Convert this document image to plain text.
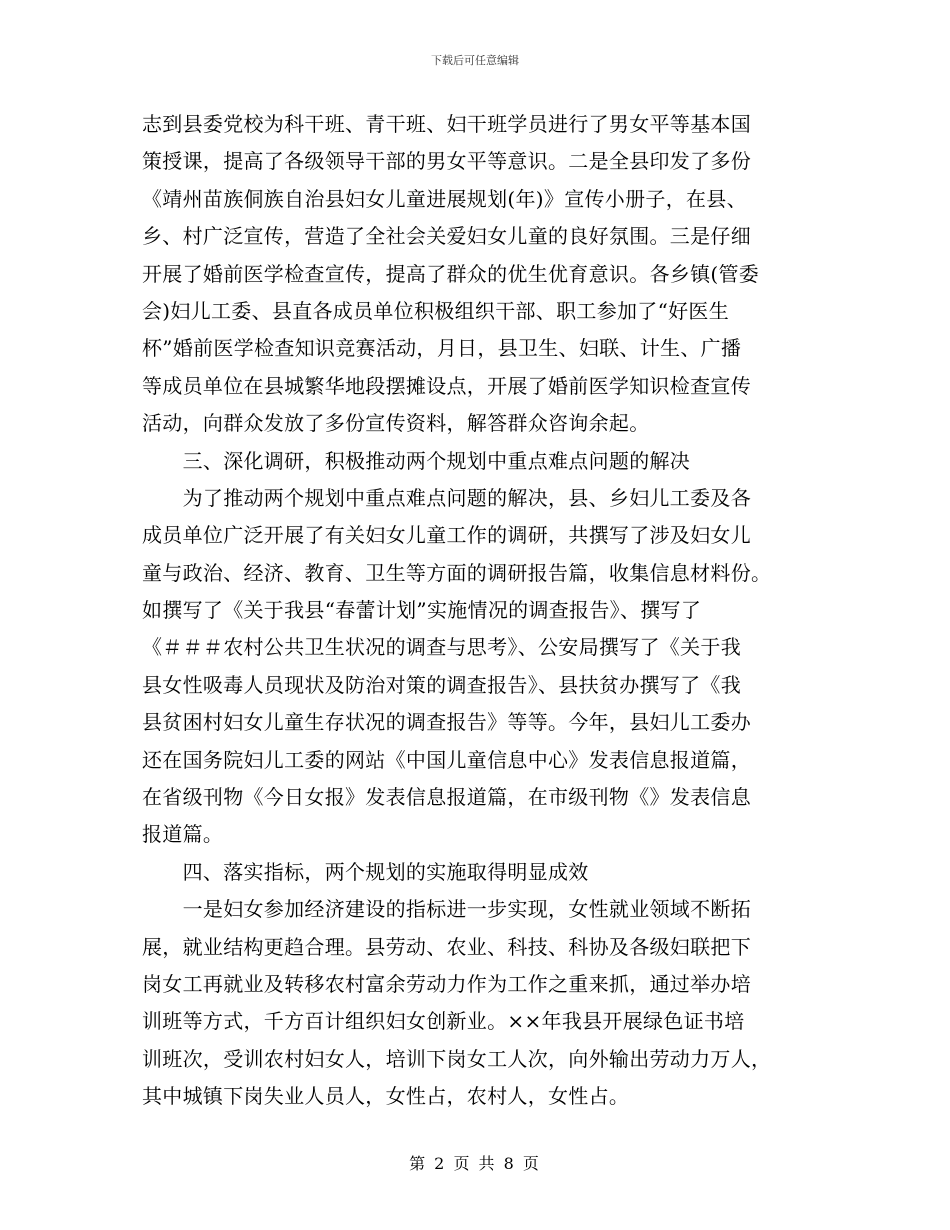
下载后可任意编辑
志到县委党校为科干班、青干班、妇干班学员进行了男女平等基本国
策授课，提高了各级领导干部的男女平等意识。二是全县印发了多份
《靖州苗族侗族自治县妇女儿童进展规划(年)》宣传小册子，在县、
乡、村广泛宣传，营造了全社会关爱妇女儿童的良好氛围。三是仔细
开展了婚前医学检查宣传，提高了群众的优生优育意识。各乡镇(管委
会)妇儿工委、县直各成员单位积极组织干部、职工参加了“好医生
杯”婚前医学检查知识竞赛活动，月日，县卫生、妇联、计生、广播
等成员单位在县城繁华地段摆摊设点，开展了婚前医学知识检查宣传
活动，向群众发放了多份宣传资料，解答群众咨询余起。
　　三、深化调研，积极推动两个规划中重点难点问题的解决
　　为了推动两个规划中重点难点问题的解决，县、乡妇儿工委及各
成员单位广泛开展了有关妇女儿童工作的调研，共撰写了涉及妇女儿
童与政治、经济、教育、卫生等方面的调研报告篇，收集信息材料份。
如撰写了《关于我县“春蕾计划”实施情况的调查报告》、撰写了
《＃＃＃农村公共卫生状况的调查与思考》、公安局撰写了《关于我
县女性吸毒人员现状及防治对策的调查报告》、县扶贫办撰写了《我
县贫困村妇女儿童生存状况的调查报告》等等。今年，县妇儿工委办
还在国务院妇儿工委的网站《中国儿童信息中心》发表信息报道篇，
在省级刊物《今日女报》发表信息报道篇，在市级刊物《》发表信息
报道篇。
　　四、落实指标，两个规划的实施取得明显成效
　　一是妇女参加经济建设的指标进一步实现，女性就业领域不断拓
展，就业结构更趋合理。县劳动、农业、科技、科协及各级妇联把下
岗女工再就业及转移农村富余劳动力作为工作之重来抓，通过举办培
训班等方式，千方百计组织妇女创新业。××年我县开展绿色证书培
训班次，受训农村妇女人，培训下岗女工人次，向外输出劳动力万人，
其中城镇下岗失业人员人，女性占，农村人，女性占。
第 2 页 共 8 页
